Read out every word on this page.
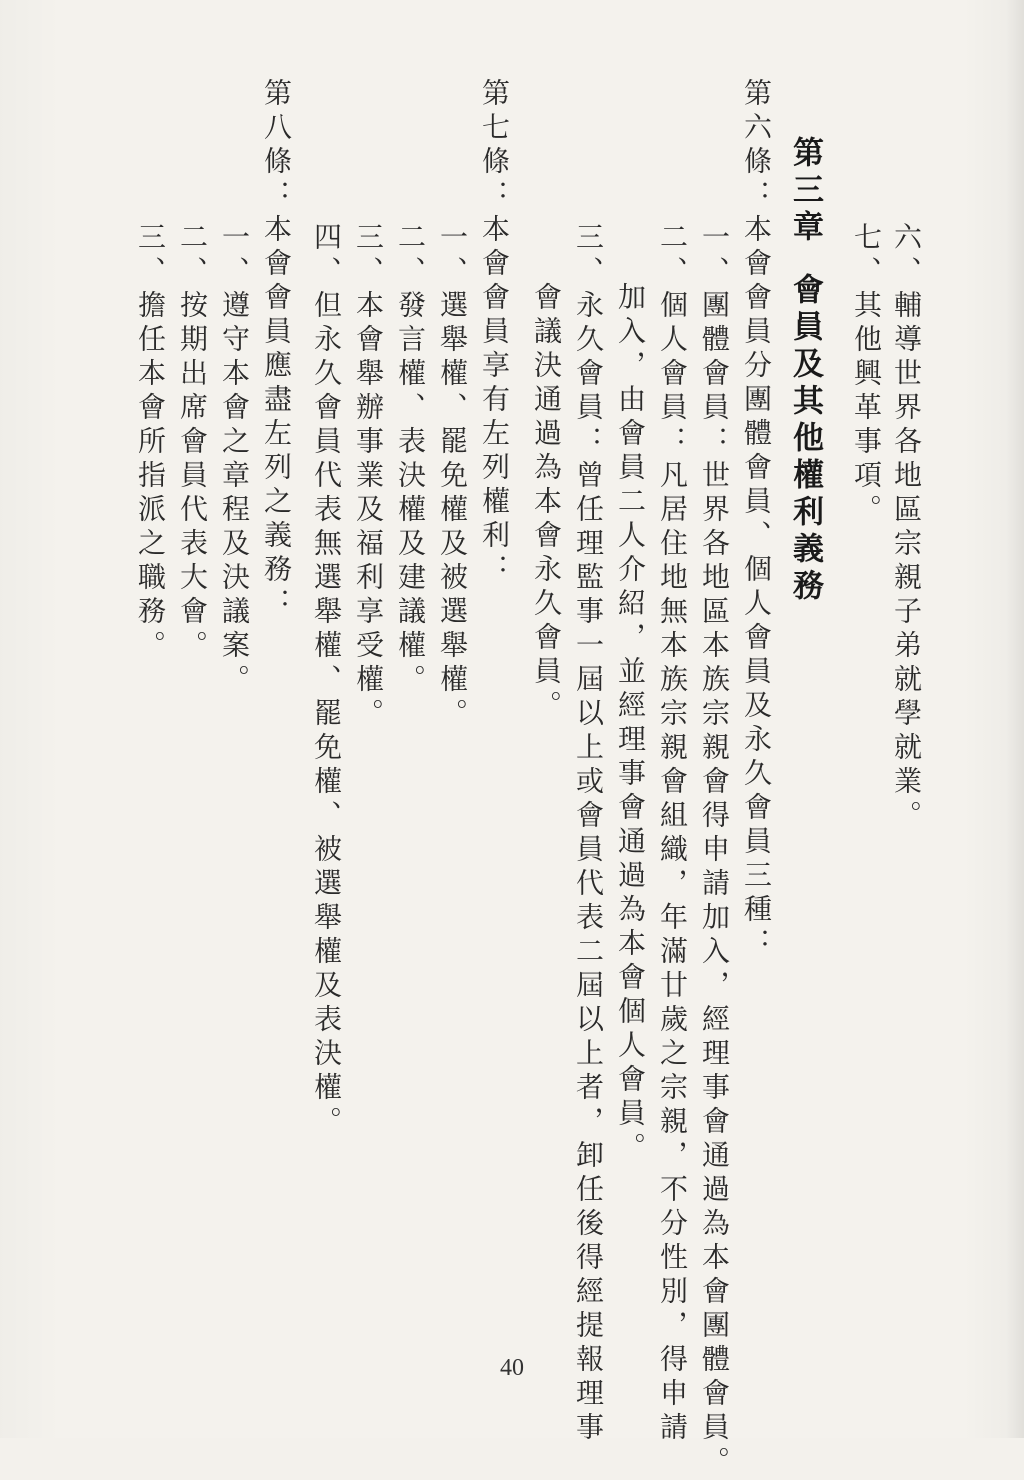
六、輔導世界各地區宗親子弟就學就業。
七、其他興革事項。
第三章會員及其他權利義務
第六條：本會會員分團體會員、個人會員及永久會員三種：
一、團體會員：世界各地區本族宗親會得申請加入，經理事會通過為本會團體會員。
二、個人會員：凡居住地無本族宗親會組織，年滿廿歲之宗親，不分性別，得申請
加入，由會員二人介紹，並經理事會通過為本會個人會員。
三、永久會員：曾任理監事一屆以上或會員代表二屆以上者，卸任後得經提報理事
會議決通過為本會永久會員。
第七條：本會會員享有左列權利：
一、選舉權、罷免權及被選舉權。
二、發言權、表決權及建議權。
三、本會舉辦事業及福利享受權。
四、但永久會員代表無選舉權、罷免權、被選舉權及表決權。
第八條：本會會員應盡左列之義務：
一、遵守本會之章程及決議案。
二、按期出席會員代表大會。
三、擔任本會所指派之職務。
40
